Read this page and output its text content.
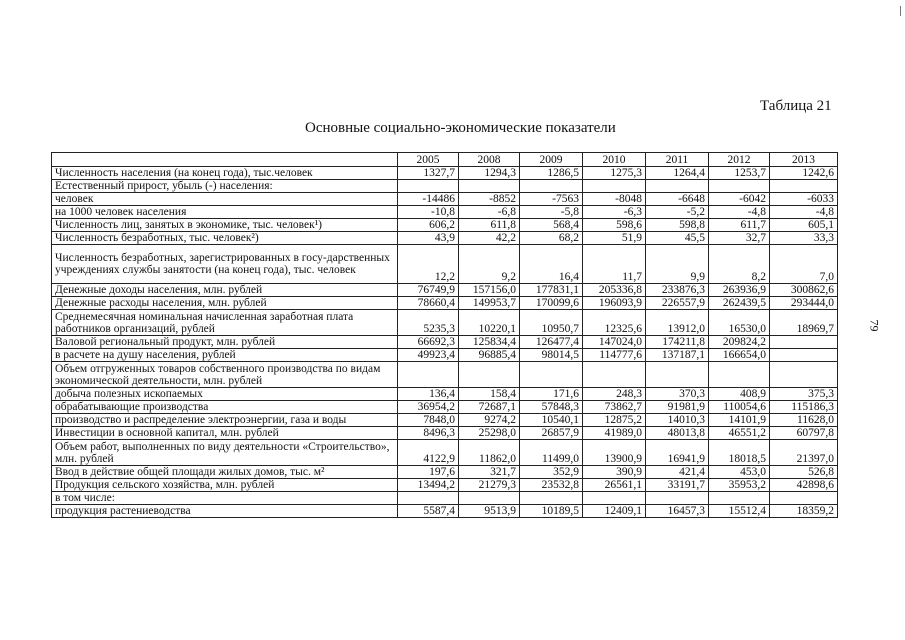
Таблица 21
Основные социально-экономические показатели
79
	2005	2008	2009	2010	2011	2012	2013
Численность населения (на конец года), тыс.человек	1327,7	1294,3	1286,5	1275,3	1264,4	1253,7	1242,6
Естественный прирост, убыль (-) населения:							
человек	-14486	-8852	-7563	-8048	-6648	-6042	-6033
на 1000 человек населения	-10,8	-6,8	-5,8	-6,3	-5,2	-4,8	-4,8
Численность лиц, занятых в экономике, тыс. человек¹)	606,2	611,8	568,4	598,6	598,8	611,7	605,1
Численность безработных, тыс. человек²)	43,9	42,2	68,2	51,9	45,5	32,7	33,3
Численность безработных, зарегистрированных в госу-дарственных учреждениях службы занятости (на конец года), тыс. человек	12,2	9,2	16,4	11,7	9,9	8,2	7,0
Денежные доходы населения, млн. рублей	76749,9	157156,0	177831,1	205336,8	233876,3	263936,9	300862,6
Денежные расходы населения, млн. рублей	78660,4	149953,7	170099,6	196093,9	226557,9	262439,5	293444,0
Среднемесячная номинальная начисленная заработная плата работников организаций, рублей	5235,3	10220,1	10950,7	12325,6	13912,0	16530,0	18969,7
Валовой региональный продукт, млн. рублей	66692,3	125834,4	126477,4	147024,0	174211,8	209824,2	
в расчете на душу населения, рублей	49923,4	96885,4	98014,5	114777,6	137187,1	166654,0	
Объем отгруженных товаров собственного производства по видам экономической деятельности, млн. рублей							
добыча полезных ископаемых	136,4	158,4	171,6	248,3	370,3	408,9	375,3
обрабатывающие производства	36954,2	72687,1	57848,3	73862,7	91981,9	110054,6	115186,3
производство и распределение электроэнергии, газа и воды	7848,0	9274,2	10540,1	12875,2	14010,3	14101,9	11628,0
Инвестиции в основной капитал, млн. рублей	8496,3	25298,0	26857,9	41989,0	48013,8	46551,2	60797,8
Объем работ, выполненных по виду деятельности «Строительство», млн. рублей	4122,9	11862,0	11499,0	13900,9	16941,9	18018,5	21397,0
Ввод в действие общей площади жилых домов, тыс. м²	197,6	321,7	352,9	390,9	421,4	453,0	526,8
Продукция сельского хозяйства, млн. рублей	13494,2	21279,3	23532,8	26561,1	33191,7	35953,2	42898,6
в том числе:							
продукция растениеводства	5587,4	9513,9	10189,5	12409,1	16457,3	15512,4	18359,2
